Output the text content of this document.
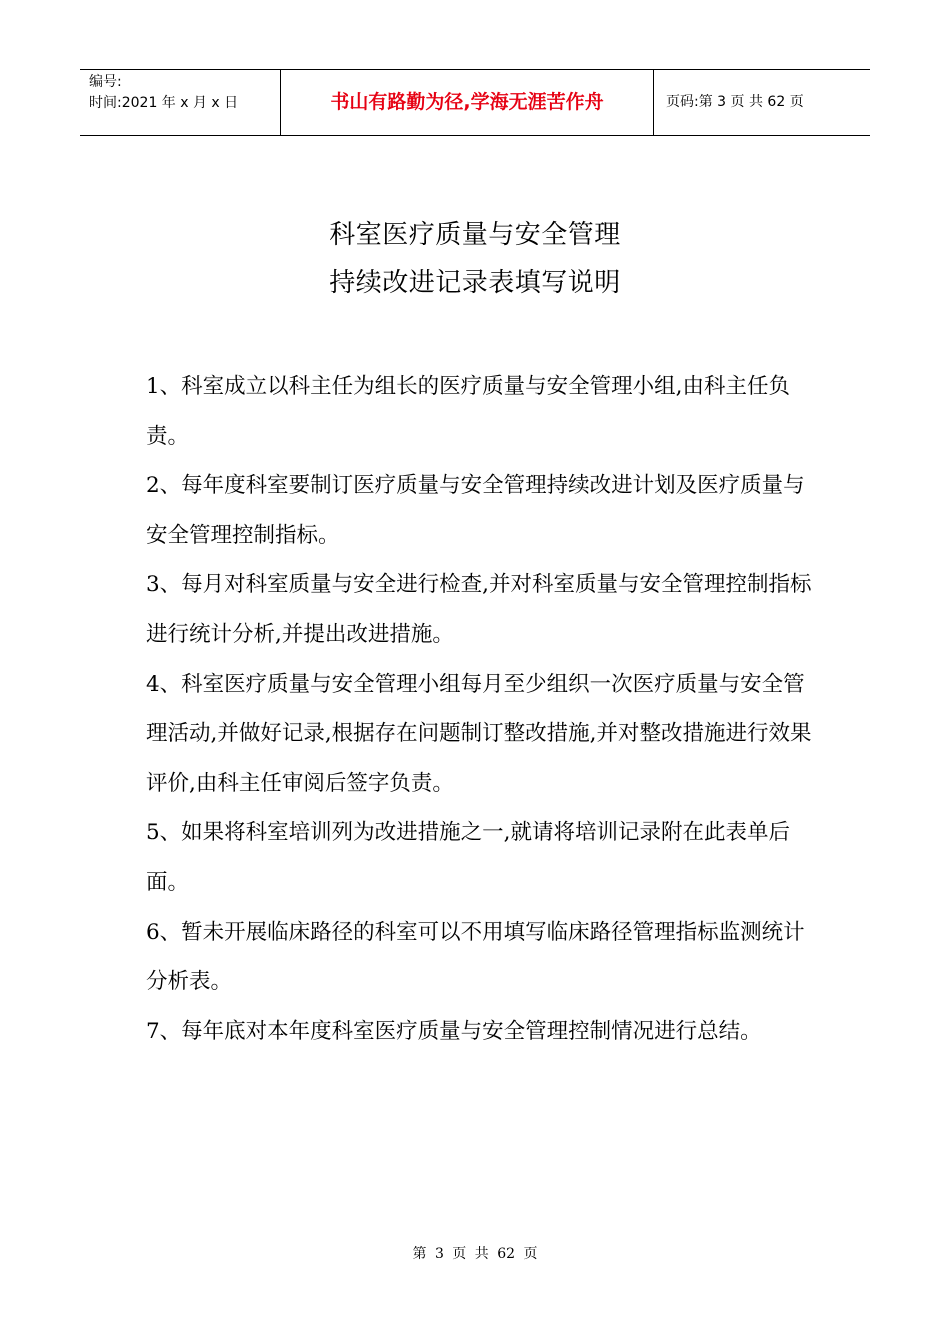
编号:
时间:2021 年 x 月 x 日	书山有路勤为径,学海无涯苦作舟	页码:第 3 页 共 62 页
科室医疗质量与安全管理
持续改进记录表填写说明

1、科室成立以科主任为组长的医疗质量与安全管理小组,由科主任负责。

2、每年度科室要制订医疗质量与安全管理持续改进计划及医疗质量与安全管理控制指标。

3、每月对科室质量与安全进行检查,并对科室质量与安全管理控制指标进行统计分析,并提出改进措施。

4、科室医疗质量与安全管理小组每月至少组织一次医疗质量与安全管理活动,并做好记录,根据存在问题制订整改措施,并对整改措施进行效果评价,由科主任审阅后签字负责。

5、如果将科室培训列为改进措施之一,就请将培训记录附在此表单后面。

6、暂未开展临床路径的科室可以不用填写临床路径管理指标监测统计分析表。

7、每年底对本年度科室医疗质量与安全管理控制情况进行总结。

第 3 页 共 62 页
